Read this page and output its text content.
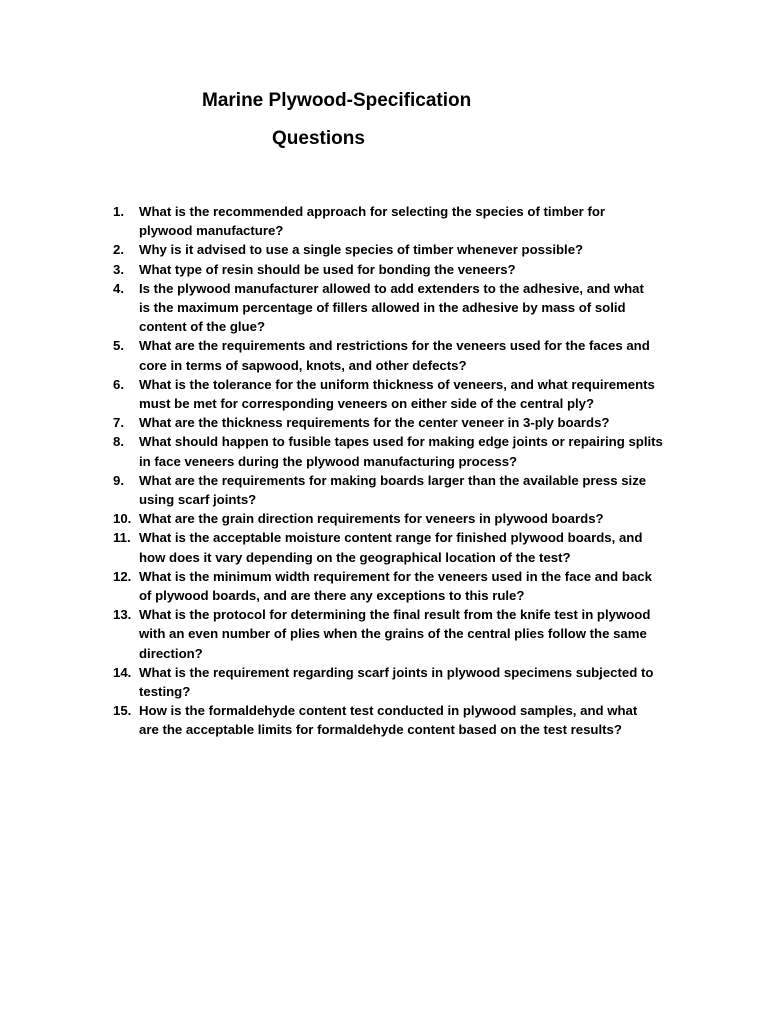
Marine Plywood-Specification
Questions
1.	What is the recommended approach for selecting the species of timber for
plywood manufacture?
2.	Why is it advised to use a single species of timber whenever possible?
3.	What type of resin should be used for bonding the veneers?
4.	Is the plywood manufacturer allowed to add extenders to the adhesive, and what
is the maximum percentage of fillers allowed in the adhesive by mass of solid
content of the glue?
5.	What are the requirements and restrictions for the veneers used for the faces and
core in terms of sapwood, knots, and other defects?
6.	What is the tolerance for the uniform thickness of veneers, and what requirements
must be met for corresponding veneers on either side of the central ply?
7.	What are the thickness requirements for the center veneer in 3-ply boards?
8.	What should happen to fusible tapes used for making edge joints or repairing splits
in face veneers during the plywood manufacturing process?
9.	What are the requirements for making boards larger than the available press size
using scarf joints?
10. What are the grain direction requirements for veneers in plywood boards?
11. What is the acceptable moisture content range for finished plywood boards, and
how does it vary depending on the geographical location of the test?
12. What is the minimum width requirement for the veneers used in the face and back
of plywood boards, and are there any exceptions to this rule?
13. What is the protocol for determining the final result from the knife test in plywood
with an even number of plies when the grains of the central plies follow the same
direction?
14. What is the requirement regarding scarf joints in plywood specimens subjected to
testing?
15. How is the formaldehyde content test conducted in plywood samples, and what
are the acceptable limits for formaldehyde content based on the test results?
